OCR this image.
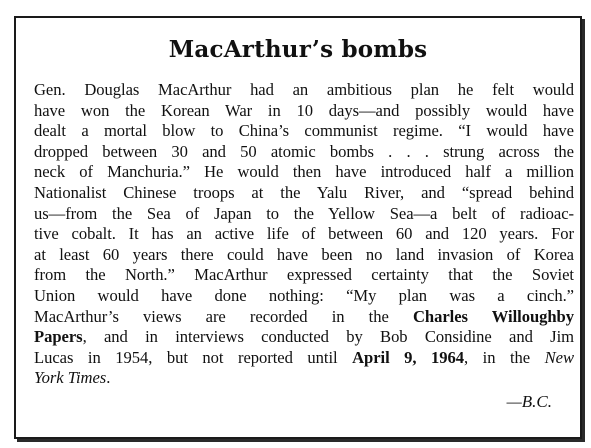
MacArthur’s bombs

Gen. Douglas MacArthur had an ambitious plan he felt would
have won the Korean War in 10 days—and possibly would have
dealt a mortal blow to China’s communist regime. “I would have
dropped between 30 and 50 atomic bombs . . . strung across the
neck of Manchuria.” He would then have introduced half a million
Nationalist Chinese troops at the Yalu River, and “spread behind
us—from the Sea of Japan to the Yellow Sea—a belt of radioac-
tive cobalt. It has an active life of between 60 and 120 years. For
at least 60 years there could have been no land invasion of Korea
from the North.” MacArthur expressed certainty that the Soviet
Union would have done nothing: “My plan was a cinch.”
MacArthur’s views are recorded in the Charles Willoughby
Papers, and in interviews conducted by Bob Considine and Jim
Lucas in 1954, but not reported until April 9, 1964, in the New
York Times.

—B.C.
